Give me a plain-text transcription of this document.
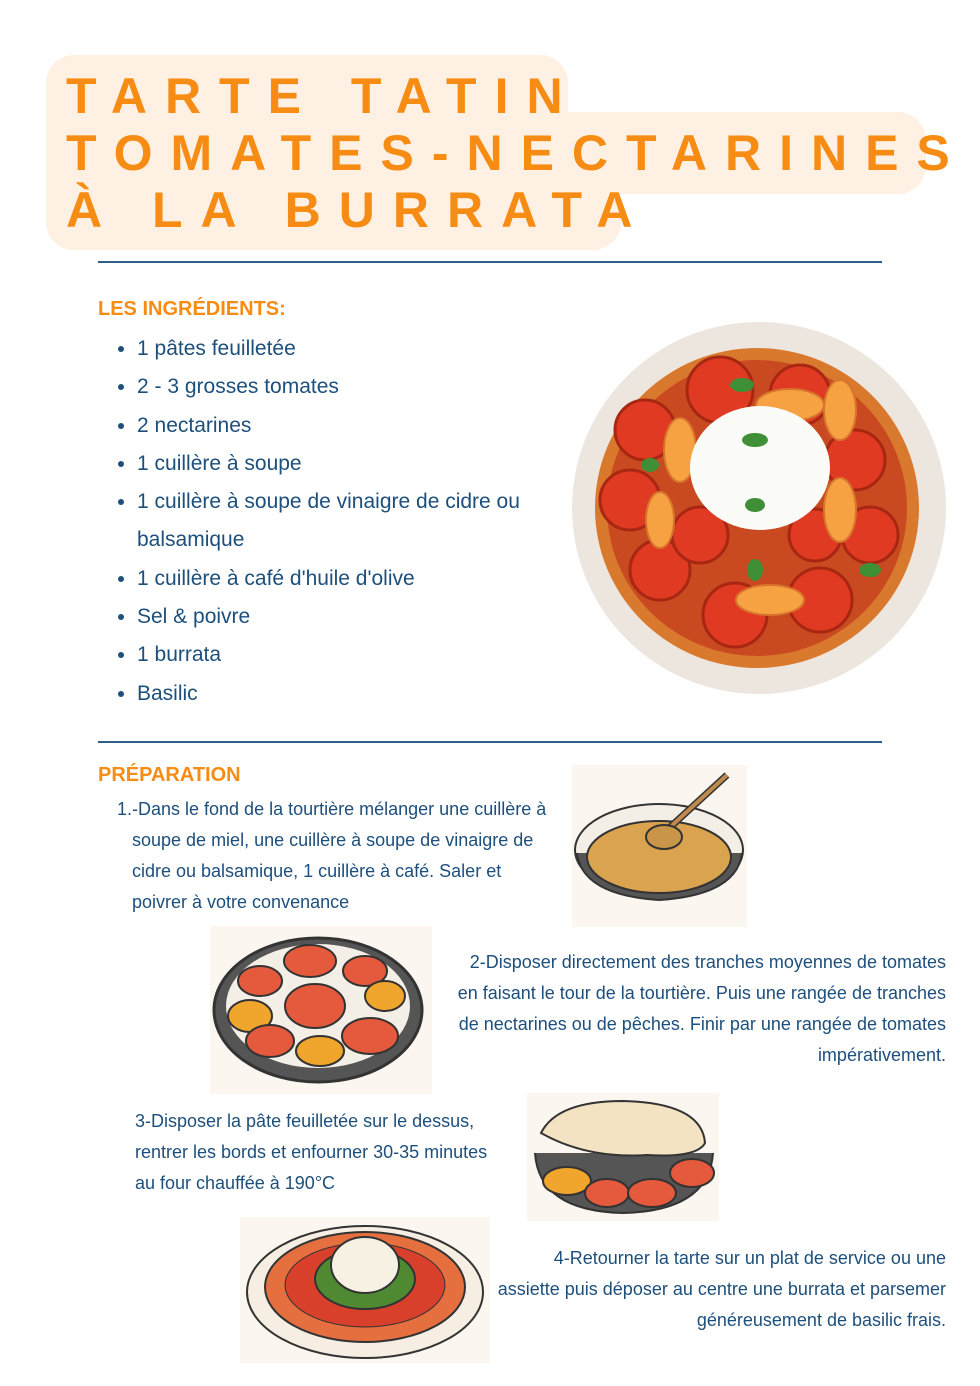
TARTE TATIN
TOMATES-NECTARINES
À LA BURRATA
LES INGRÉDIENTS:
• 1 pâtes feuilletée
• 2 - 3 grosses tomates
• 2 nectarines
• 1 cuillère à soupe
• 1 cuillère à soupe de vinaigre de cidre ou balsamique
• 1 cuillère à café d'huile d'olive
• Sel & poivre
• 1 burrata
• Basilic
PRÉPARATION
1. -Dans le fond de la tourtière mélanger une cuillère à soupe de miel, une cuillère à soupe de vinaigre de cidre ou balsamique, 1 cuillère à café. Saler et poivrer à votre convenance

2-Disposer directement des tranches moyennes de tomates en faisant le tour de la tourtière. Puis une rangée de tranches de nectarines ou de pêches. Finir par une rangée de tomates impérativement.

3-Disposer la pâte feuilletée sur le dessus, rentrer les bords et enfourner 30-35 minutes au four chauffée à 190°C

4-Retourner la tarte sur un plat de service ou une assiette puis déposer au centre une burrata et parsemer généreusement de basilic frais.
